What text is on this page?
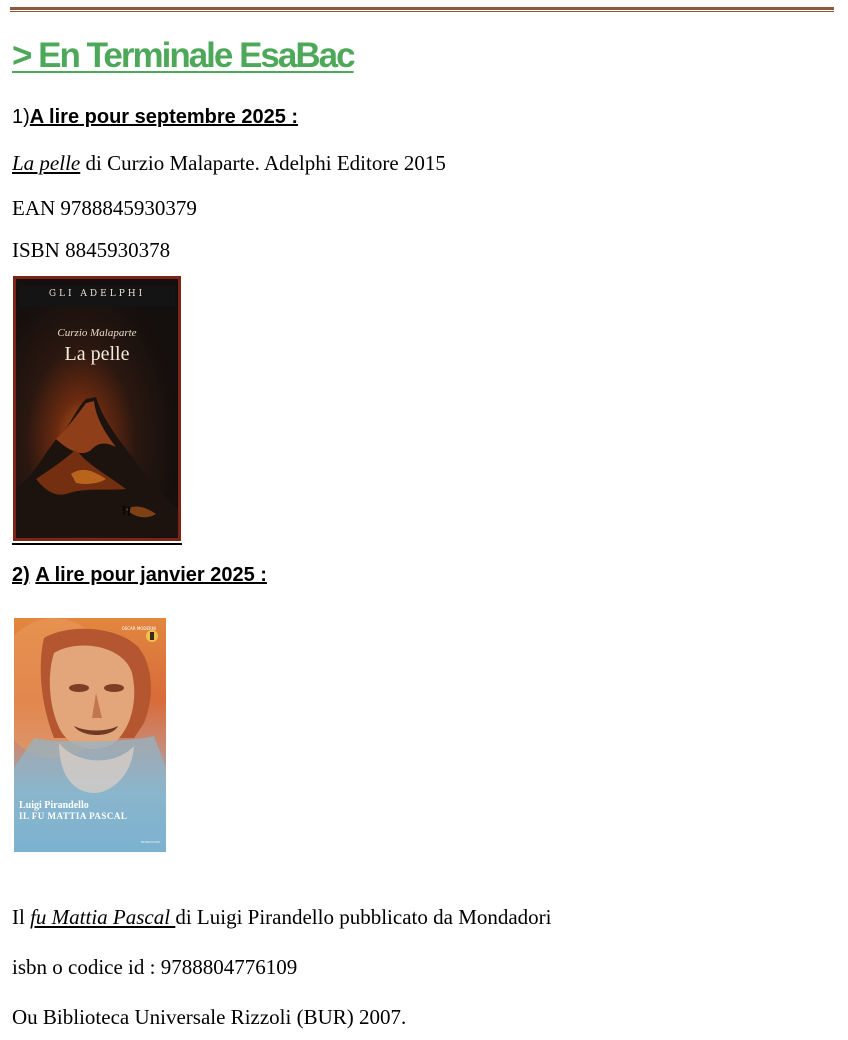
> En Terminale EsaBac
1)A lire pour septembre 2025 :
La pelle di Curzio Malaparte. Adelphi Editore 2015
EAN 9788845930379
ISBN 8845930378
GLI ADELPHI
Curzio Malaparte
La pelle
2) A lire pour janvier 2025 :
OSCAR MODERNI
Luigi Pirandello
IL FU MATTIA PASCAL
MONDADORI
Il fu Mattia Pascal di Luigi Pirandello pubblicato da Mondadori
isbn o codice id : 9788804776109
Ou Biblioteca Universale Rizzoli (BUR) 2007.
